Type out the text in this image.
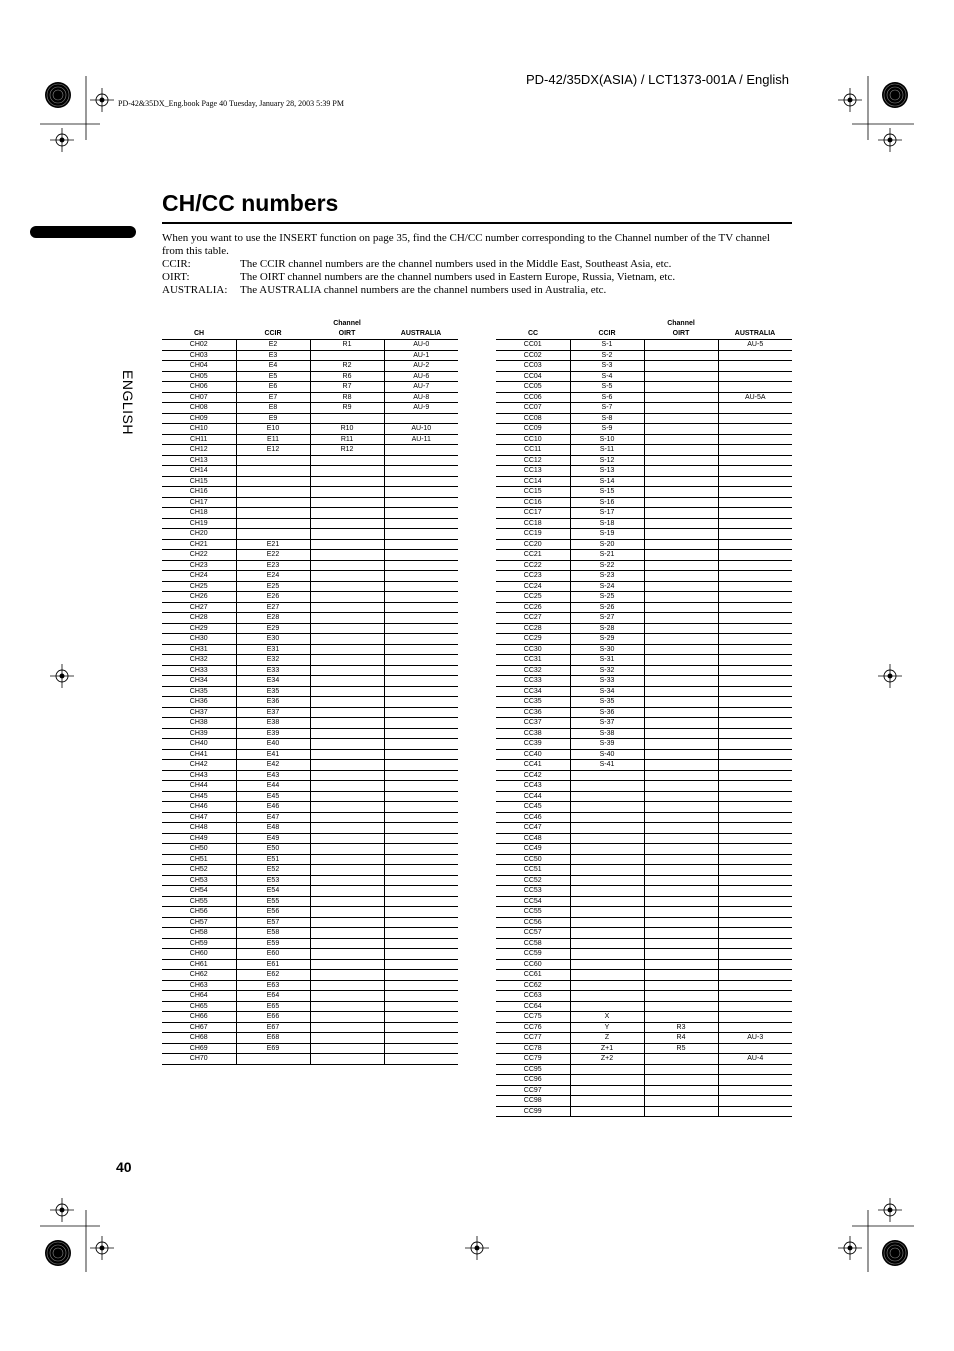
PD-42/35DX(ASIA) / LCT1373-001A / English
PD-42&35DX_Eng.book Page 40 Tuesday, January 28, 2003 5:39 PM
CH/CC numbers
ENGLISH
When you want to use the INSERT function on page 35, find the CH/CC number corresponding to the Channel number of the TV channel from this table.
CCIR:	The CCIR channel numbers are the channel numbers used in the Middle East, Southeast Asia, etc.
OIRT:	The OIRT channel numbers are the channel numbers used in Eastern Europe, Russia, Vietnam, etc.
AUSTRALIA:	The AUSTRALIA channel numbers are the channel numbers used in Australia, etc.
		Channel	
CH	CCIR	OIRT	AUSTRALIA
CH02	E2	R1	AU-0
CH03	E3		AU-1
CH04	E4	R2	AU-2
CH05	E5	R6	AU-6
CH06	E6	R7	AU-7
CH07	E7	R8	AU-8
CH08	E8	R9	AU-9
CH09	E9		
CH10	E10	R10	AU-10
CH11	E11	R11	AU-11
CH12	E12	R12	
CH13			
CH14			
CH15			
CH16			
CH17			
CH18			
CH19			
CH20			
CH21	E21		
CH22	E22		
CH23	E23		
CH24	E24		
CH25	E25		
CH26	E26		
CH27	E27		
CH28	E28		
CH29	E29		
CH30	E30		
CH31	E31		
CH32	E32		
CH33	E33		
CH34	E34		
CH35	E35		
CH36	E36		
CH37	E37		
CH38	E38		
CH39	E39		
CH40	E40		
CH41	E41		
CH42	E42		
CH43	E43		
CH44	E44		
CH45	E45		
CH46	E46		
CH47	E47		
CH48	E48		
CH49	E49		
CH50	E50		
CH51	E51		
CH52	E52		
CH53	E53		
CH54	E54		
CH55	E55		
CH56	E56		
CH57	E57		
CH58	E58		
CH59	E59		
CH60	E60		
CH61	E61		
CH62	E62		
CH63	E63		
CH64	E64		
CH65	E65		
CH66	E66		
CH67	E67		
CH68	E68		
CH69	E69		
CH70			
		Channel	
CC	CCIR	OIRT	AUSTRALIA
CC01	S-1		AU-5
CC02	S-2		
CC03	S-3		
CC04	S-4		
CC05	S-5		
CC06	S-6		AU-5A
CC07	S-7		
CC08	S-8		
CC09	S-9		
CC10	S-10		
CC11	S-11		
CC12	S-12		
CC13	S-13		
CC14	S-14		
CC15	S-15		
CC16	S-16		
CC17	S-17		
CC18	S-18		
CC19	S-19		
CC20	S-20		
CC21	S-21		
CC22	S-22		
CC23	S-23		
CC24	S-24		
CC25	S-25		
CC26	S-26		
CC27	S-27		
CC28	S-28		
CC29	S-29		
CC30	S-30		
CC31	S-31		
CC32	S-32		
CC33	S-33		
CC34	S-34		
CC35	S-35		
CC36	S-36		
CC37	S-37		
CC38	S-38		
CC39	S-39		
CC40	S-40		
CC41	S-41		
CC42			
CC43			
CC44			
CC45			
CC46			
CC47			
CC48			
CC49			
CC50			
CC51			
CC52			
CC53			
CC54			
CC55			
CC56			
CC57			
CC58			
CC59			
CC60			
CC61			
CC62			
CC63			
CC64			
CC75	X		
CC76	Y	R3	
CC77	Z	R4	AU-3
CC78	Z+1	R5	
CC79	Z+2		AU-4
CC95			
CC96			
CC97			
CC98			
CC99			
40
